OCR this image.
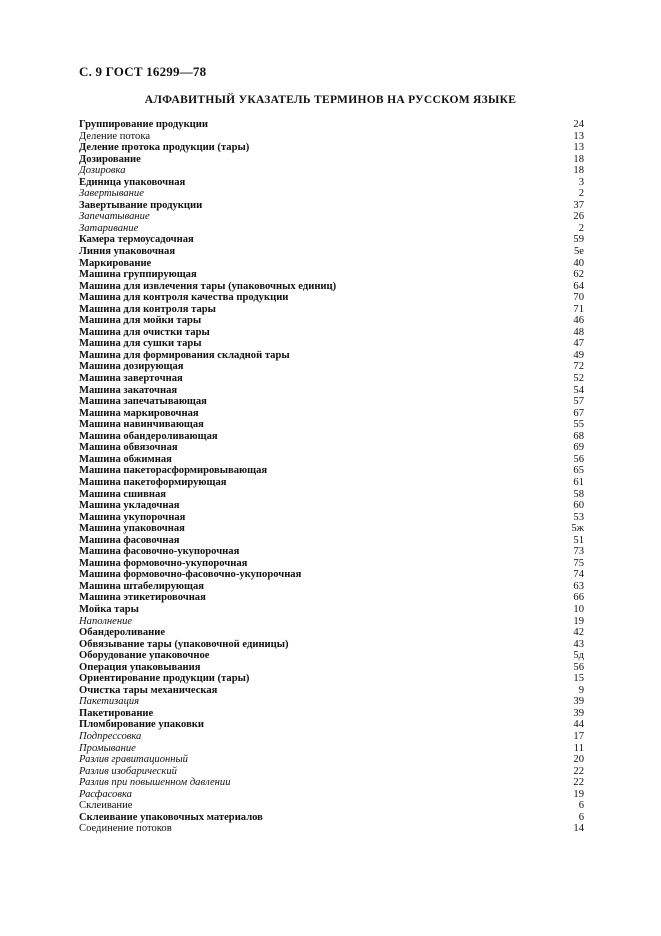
С. 9 ГОСТ 16299—78
АЛФАВИТНЫЙ УКАЗАТЕЛЬ ТЕРМИНОВ НА РУССКОМ ЯЗЫКЕ
Группирование продукции	24
Деление потока	13
Деление протока продукции (тары)	13
Дозирование	18
Дозировка	18
Единица упаковочная	3
Завертывание	2
Завертывание продукции	37
Запечатывание	26
Затаривание	2
Камера термоусадочная	59
Линия упаковочная	5е
Маркирование	40
Машина группирующая	62
Машина для извлечения тары (упаковочных единиц)	64
Машина для контроля качества продукции	70
Машина для контроля тары	71
Машина для мойки тары	46
Машина для очистки тары	48
Машина для сушки тары	47
Машина для формирования складной тары	49
Машина дозирующая	72
Машина завертoчная	52
Машина закаточная	54
Машина запечатывающая	57
Машина маркировочная	67
Машина навинчивающая	55
Машина обандероливающая	68
Машина обвязочная	69
Машина обжимная	56
Машина пакеторасформировывающая	65
Машина пакетоформирующая	61
Машина сшивная	58
Машина укладочная	60
Машина укупорочная	53
Машина упаковочная	5ж
Машина фасовочная	51
Машина фасовочно-укупорочная	73
Машина формовочно-укупорочная	75
Машина формовочно-фасовочно-укупорочная	74
Машина штабелирующая	63
Машина этикетировочная	66
Мойка тары	10
Наполнение	19
Обандероливание	42
Обвязывание тары (упаковочной единицы)	43
Оборудование упаковочное	5д
Операция упаковывания	56
Ориентирование продукции (тары)	15
Очистка тары механическая	9
Пакетизация	39
Пакетирование	39
Пломбирование упаковки	44
Подпрессовка	17
Промывание	11
Разлив гравитационный	20
Разлив изобарический	22
Разлив при повышенном давлении	22
Расфасовка	19
Склеивание	6
Склеивание упаковочных материалов	6
Соединение потоков	14
